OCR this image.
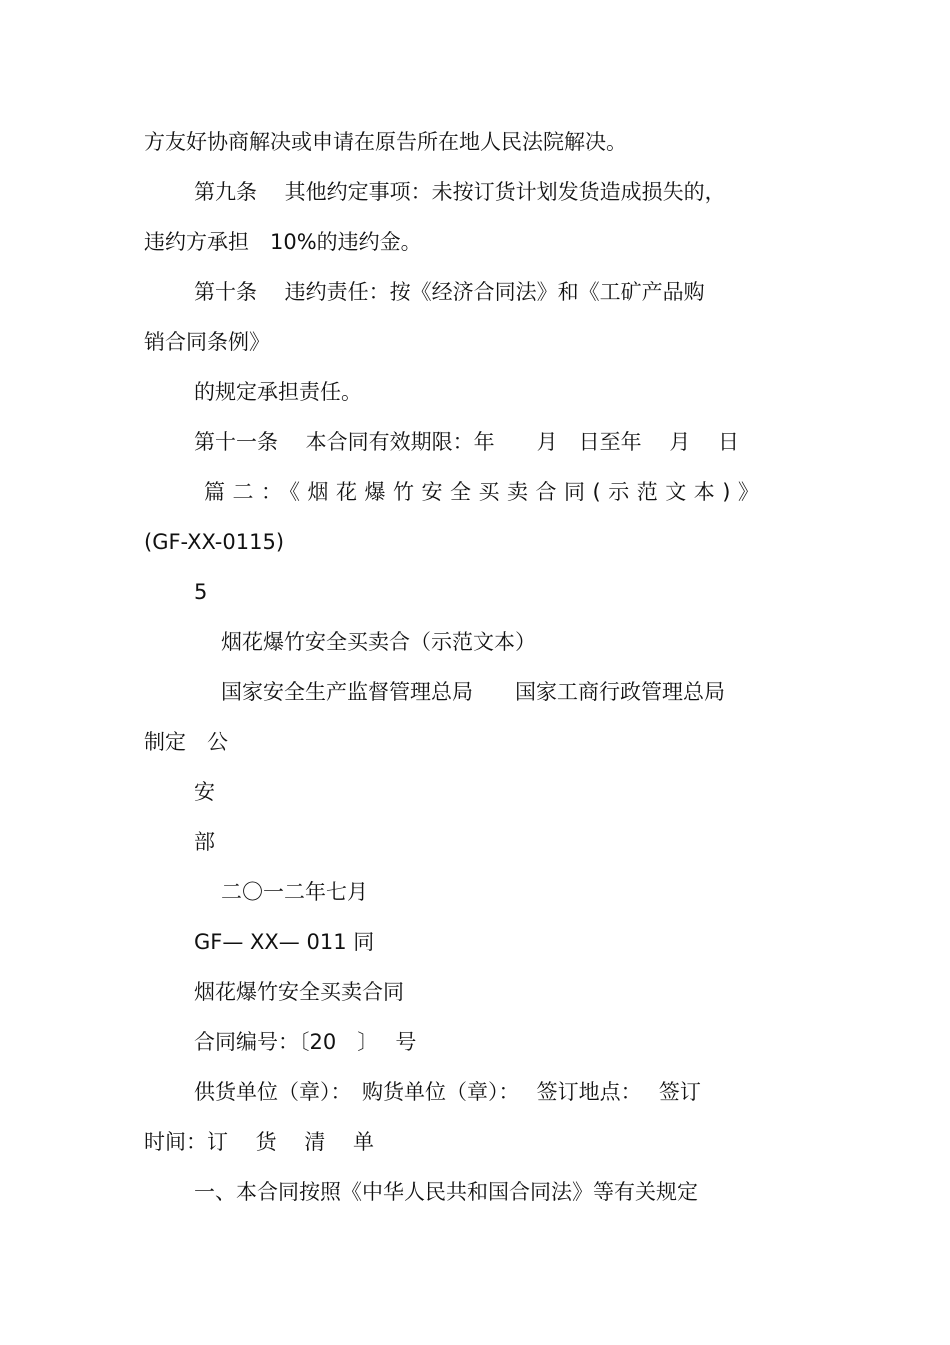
方友好协商解决或申请在原告所在地人民法院解决。

第九条　 其他约定事项：未按订货计划发货造成损失的，

违约方承担　10%的违约金。

第十条　 违约责任：按《经济合同法》和《工矿产品购

销合同条例》

的规定承担责任。

第十一条　 本合同有效期限：年　　月　日至年　 月　 日

篇二：《烟花爆竹安全买卖合同(示范文本)》

(GF-XX-0115)

5

烟花爆竹安全买卖合（示范文本）

国家安全生产监督管理总局　　国家工商行政管理总局

制定　公

安

部

二〇一二年七月

GF— XX— 011 同

烟花爆竹安全买卖合同

合同编号：〔20　〕　 号

供货单位（章）：　购货单位（章）：　 签订地点：　 签订

时间：订　 货　 清　 单

一、本合同按照《中华人民共和国合同法》等有关规定
